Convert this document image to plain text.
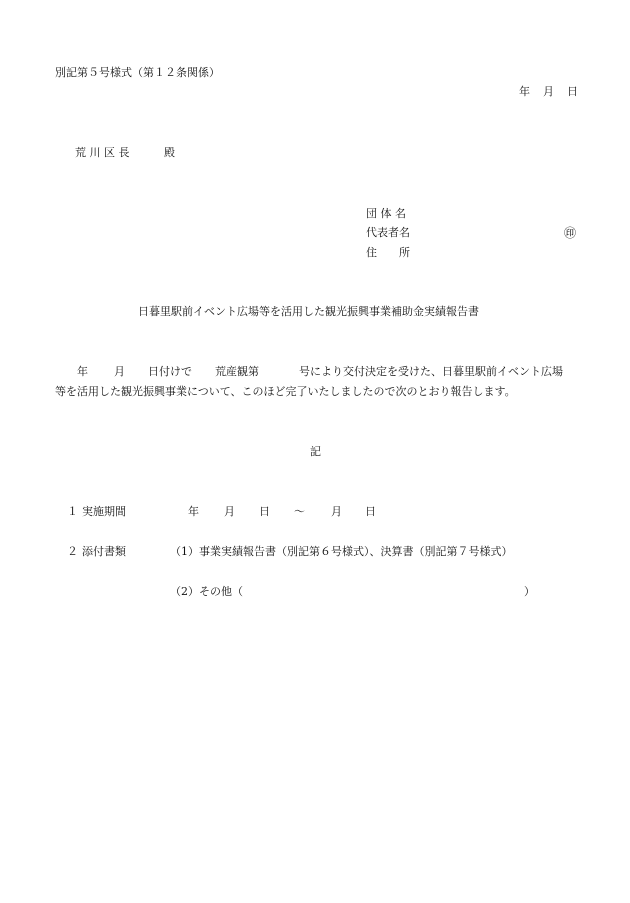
別記第５号様式（第１２条関係）
年 月 日
荒 川 区 長	殿
団 体 名
代表者名	㊞
住　　所
日暮里駅前イベント広場等を活用した観光振興事業補助金実績報告書
年 月 日付けで 荒産観第	号により交付決定を受けた、日暮里駅前イベント広場
等を活用した観光振興事業について、このほど完了いたしましたので次のとおり報告します。
記
１ 実施期間	年 月 日 〜 月 日
２ 添付書類	（1）事業実績報告書（別記第６号様式）、決算書（別記第７号様式）
（2）その他（	）
